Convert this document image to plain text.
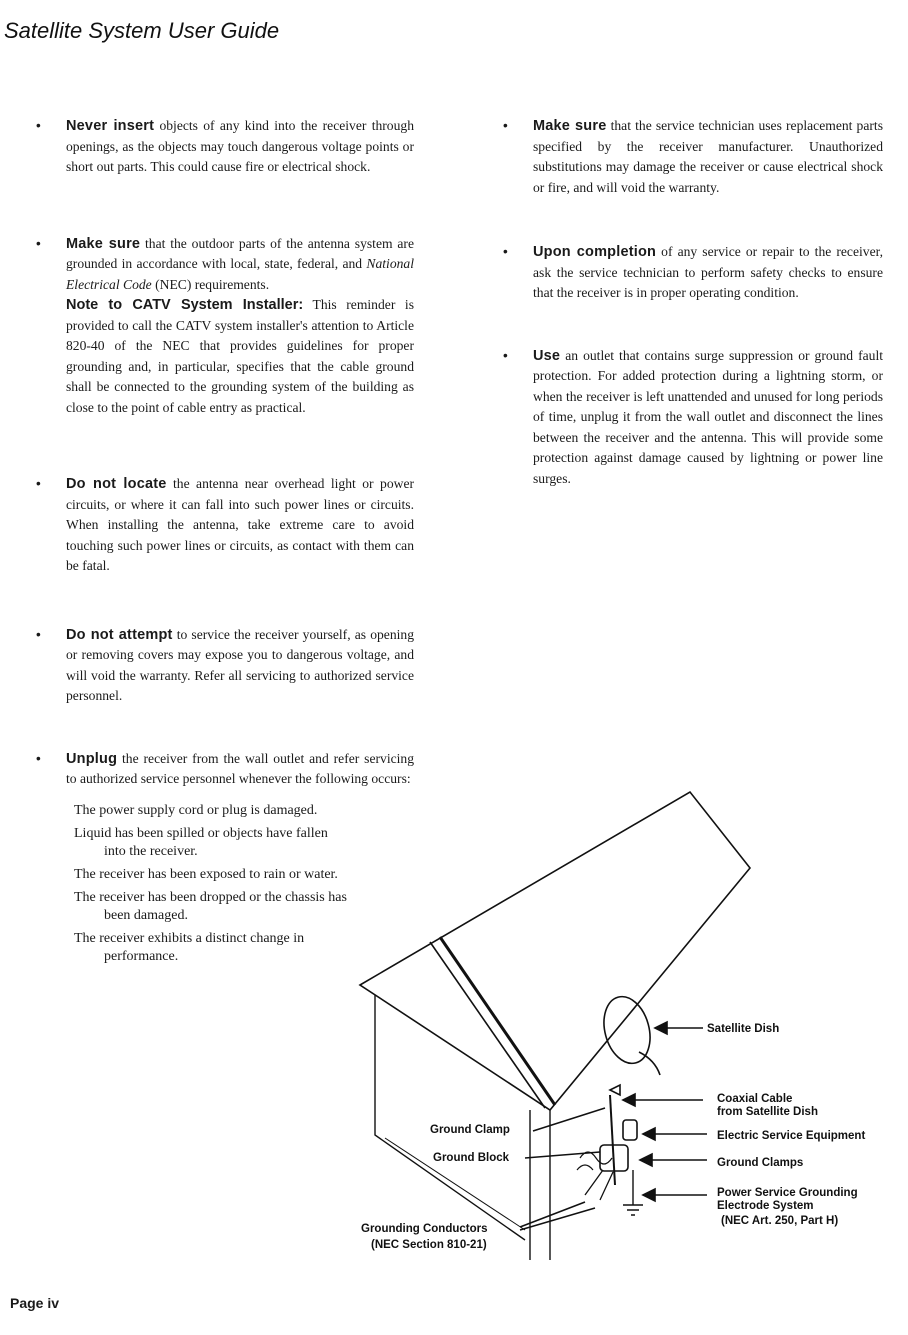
Satellite System User Guide
• Never insert objects of any kind into the receiver through openings, as the objects may touch dangerous voltage points or short out parts. This could cause fire or electrical shock.
• Make sure that the outdoor parts of the antenna system are grounded in accordance with local, state, federal, and National Electrical Code (NEC) requirements.
Note to CATV System Installer: This reminder is provided to call the CATV system installer's attention to Article 820-40 of the NEC that provides guidelines for proper grounding and, in particular, specifies that the cable ground shall be connected to the grounding system of the building as close to the point of cable entry as practical.
• Do not locate the antenna near overhead light or power circuits, or where it can fall into such power lines or circuits. When installing the antenna, take extreme care to avoid touching such power lines or circuits, as contact with them can be fatal.
• Do not attempt to service the receiver yourself, as opening or removing covers may expose you to dangerous voltage, and will void the warranty. Refer all servicing to authorized service personnel.
• Unplug the receiver from the wall outlet and refer servicing to authorized service personnel whenever the following occurs:
The power supply cord or plug is damaged.
Liquid has been spilled or objects have fallen into the receiver.
The receiver has been exposed to rain or water.
The receiver has been dropped or the chassis has been damaged.
The receiver exhibits a distinct change in performance.
• Make sure that the service technician uses replacement parts specified by the receiver manufacturer. Unauthorized substitutions may damage the receiver or cause electrical shock or fire, and will void the warranty.
• Upon completion of any service or repair to the receiver, ask the service technician to perform safety checks to ensure that the receiver is in proper operating condition.
• Use an outlet that contains surge suppression or ground fault protection. For added protection during a lightning storm, or when the receiver is left unattended and unused for long periods of time, unplug it from the wall outlet and disconnect the lines between the receiver and the antenna. This will provide some protection against damage caused by lightning or power line surges.
Satellite Dish
Coaxial Cable
from Satellite Dish
Electric Service Equipment
Ground Clamps
Power Service Grounding
Electrode System
(NEC Art. 250, Part H)
Ground Clamp
Ground Block
Grounding Conductors
(NEC Section 810-21)
Page iv
